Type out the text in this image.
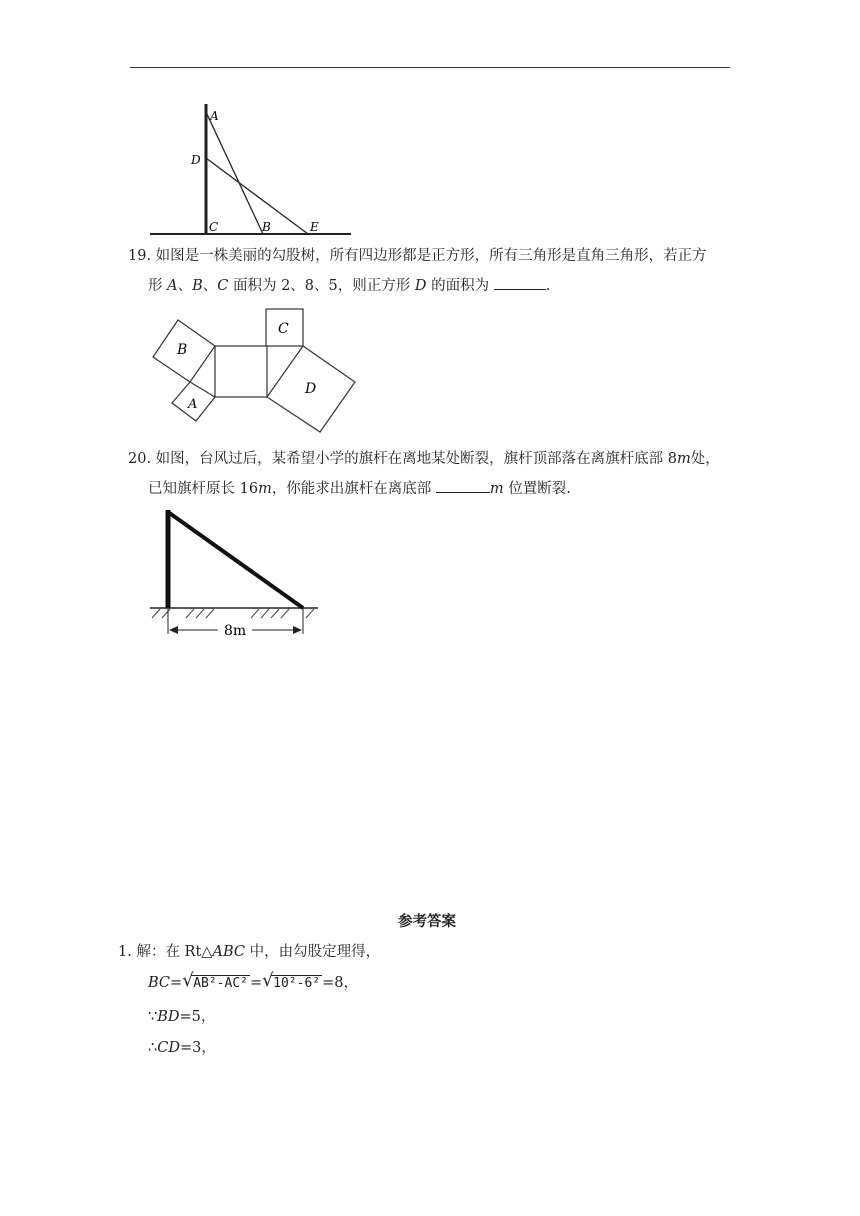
A
D
C	B	E
19. 如图是一株美丽的勾股树，所有四边形都是正方形，所有三角形是直角三角形，若正方
形 A、B、C 面积为 2、8、5，则正方形 D 的面积为	.
B
A
C
D
20. 如图，台风过后，某希望小学的旗杆在离地某处断裂，旗杆顶部落在离旗杆底部 8m处，
已知旗杆原长 16m，你能求出旗杆在离底部	m 位置断裂.
8m
参考答案
1. 解：在 Rt△ABC 中，由勾股定理得，
BC= √ AB²-AC² = √ 10²-6² =8，
∵BD=5，
∴CD=3，
